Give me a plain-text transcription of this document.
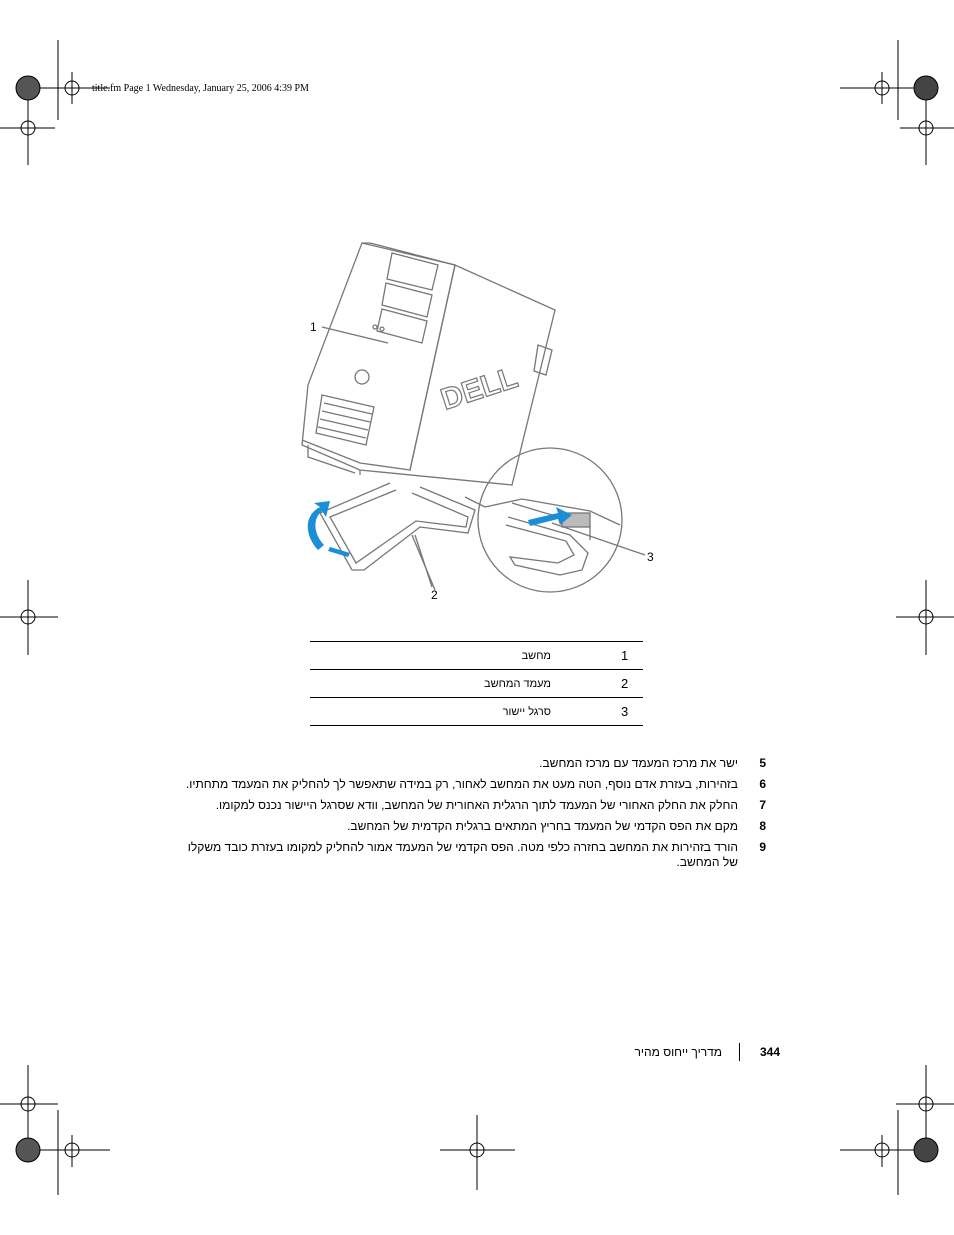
title.fm Page 1 Wednesday, January 25, 2006 4:39 PM
DELL
1
2
3
מחשב	1
מעמד המחשב	2
סרגל יישור	3
5
ישר את מרכז המעמד עם מרכז המחשב.
6
בזהירות, בעזרת אדם נוסף, הטה מעט את המחשב לאחור, רק במידה שתאפשר לך להחליק את המעמד מתחתיו.
7
החלק את החלק האחורי של המעמד לתוך הרגלית האחורית של המחשב, וודא שסרגל היישור נכנס למקומו.
8
מקם את הפס הקדמי של המעמד בחריץ המתאים ברגלית הקדמית של המחשב.
9
הורד בזהירות את המחשב בחזרה כלפי מטה. הפס הקדמי של המעמד אמור להחליק למקומו בעזרת כובד משקלו של המחשב.
344
מדריך ייחוס מהיר
